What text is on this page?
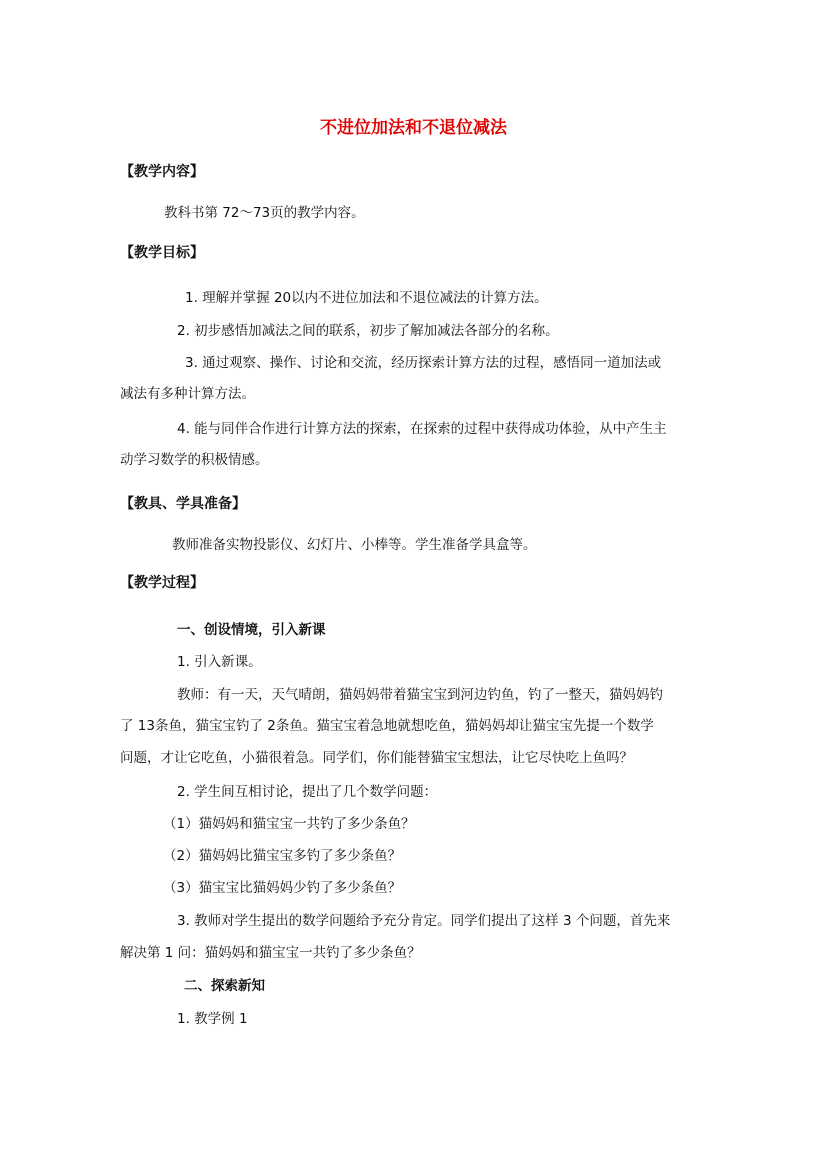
不进位加法和不退位减法
【教学内容】
教科书第 72～73页的教学内容。
【教学目标】
1. 理解并掌握 20以内不进位加法和不退位减法的计算方法。
2. 初步感悟加减法之间的联系，初步了解加减法各部分的名称。
3. 通过观察、操作、讨论和交流，经历探索计算方法的过程，感悟同一道加法或
减法有多种计算方法。
4. 能与同伴合作进行计算方法的探索，在探索的过程中获得成功体验，从中产生主
动学习数学的积极情感。
【教具、学具准备】
教师准备实物投影仪、幻灯片、小棒等。学生准备学具盒等。
【教学过程】
一、创设情境，引入新课
1. 引入新课。
教师：有一天，天气晴朗，猫妈妈带着猫宝宝到河边钓鱼，钓了一整天，猫妈妈钓
了 13条鱼，猫宝宝钓了 2条鱼。猫宝宝着急地就想吃鱼，猫妈妈却让猫宝宝先提一个数学
问题，才让它吃鱼，小猫很着急。同学们，你们能替猫宝宝想法，让它尽快吃上鱼吗？
2. 学生间互相讨论，提出了几个数学问题：
（1）猫妈妈和猫宝宝一共钓了多少条鱼？
（2）猫妈妈比猫宝宝多钓了多少条鱼？
（3）猫宝宝比猫妈妈少钓了多少条鱼？
3. 教师对学生提出的数学问题给予充分肯定。同学们提出了这样 3 个问题，首先来
解决第 1 问：猫妈妈和猫宝宝一共钓了多少条鱼？
二、探索新知
1. 教学例 1
